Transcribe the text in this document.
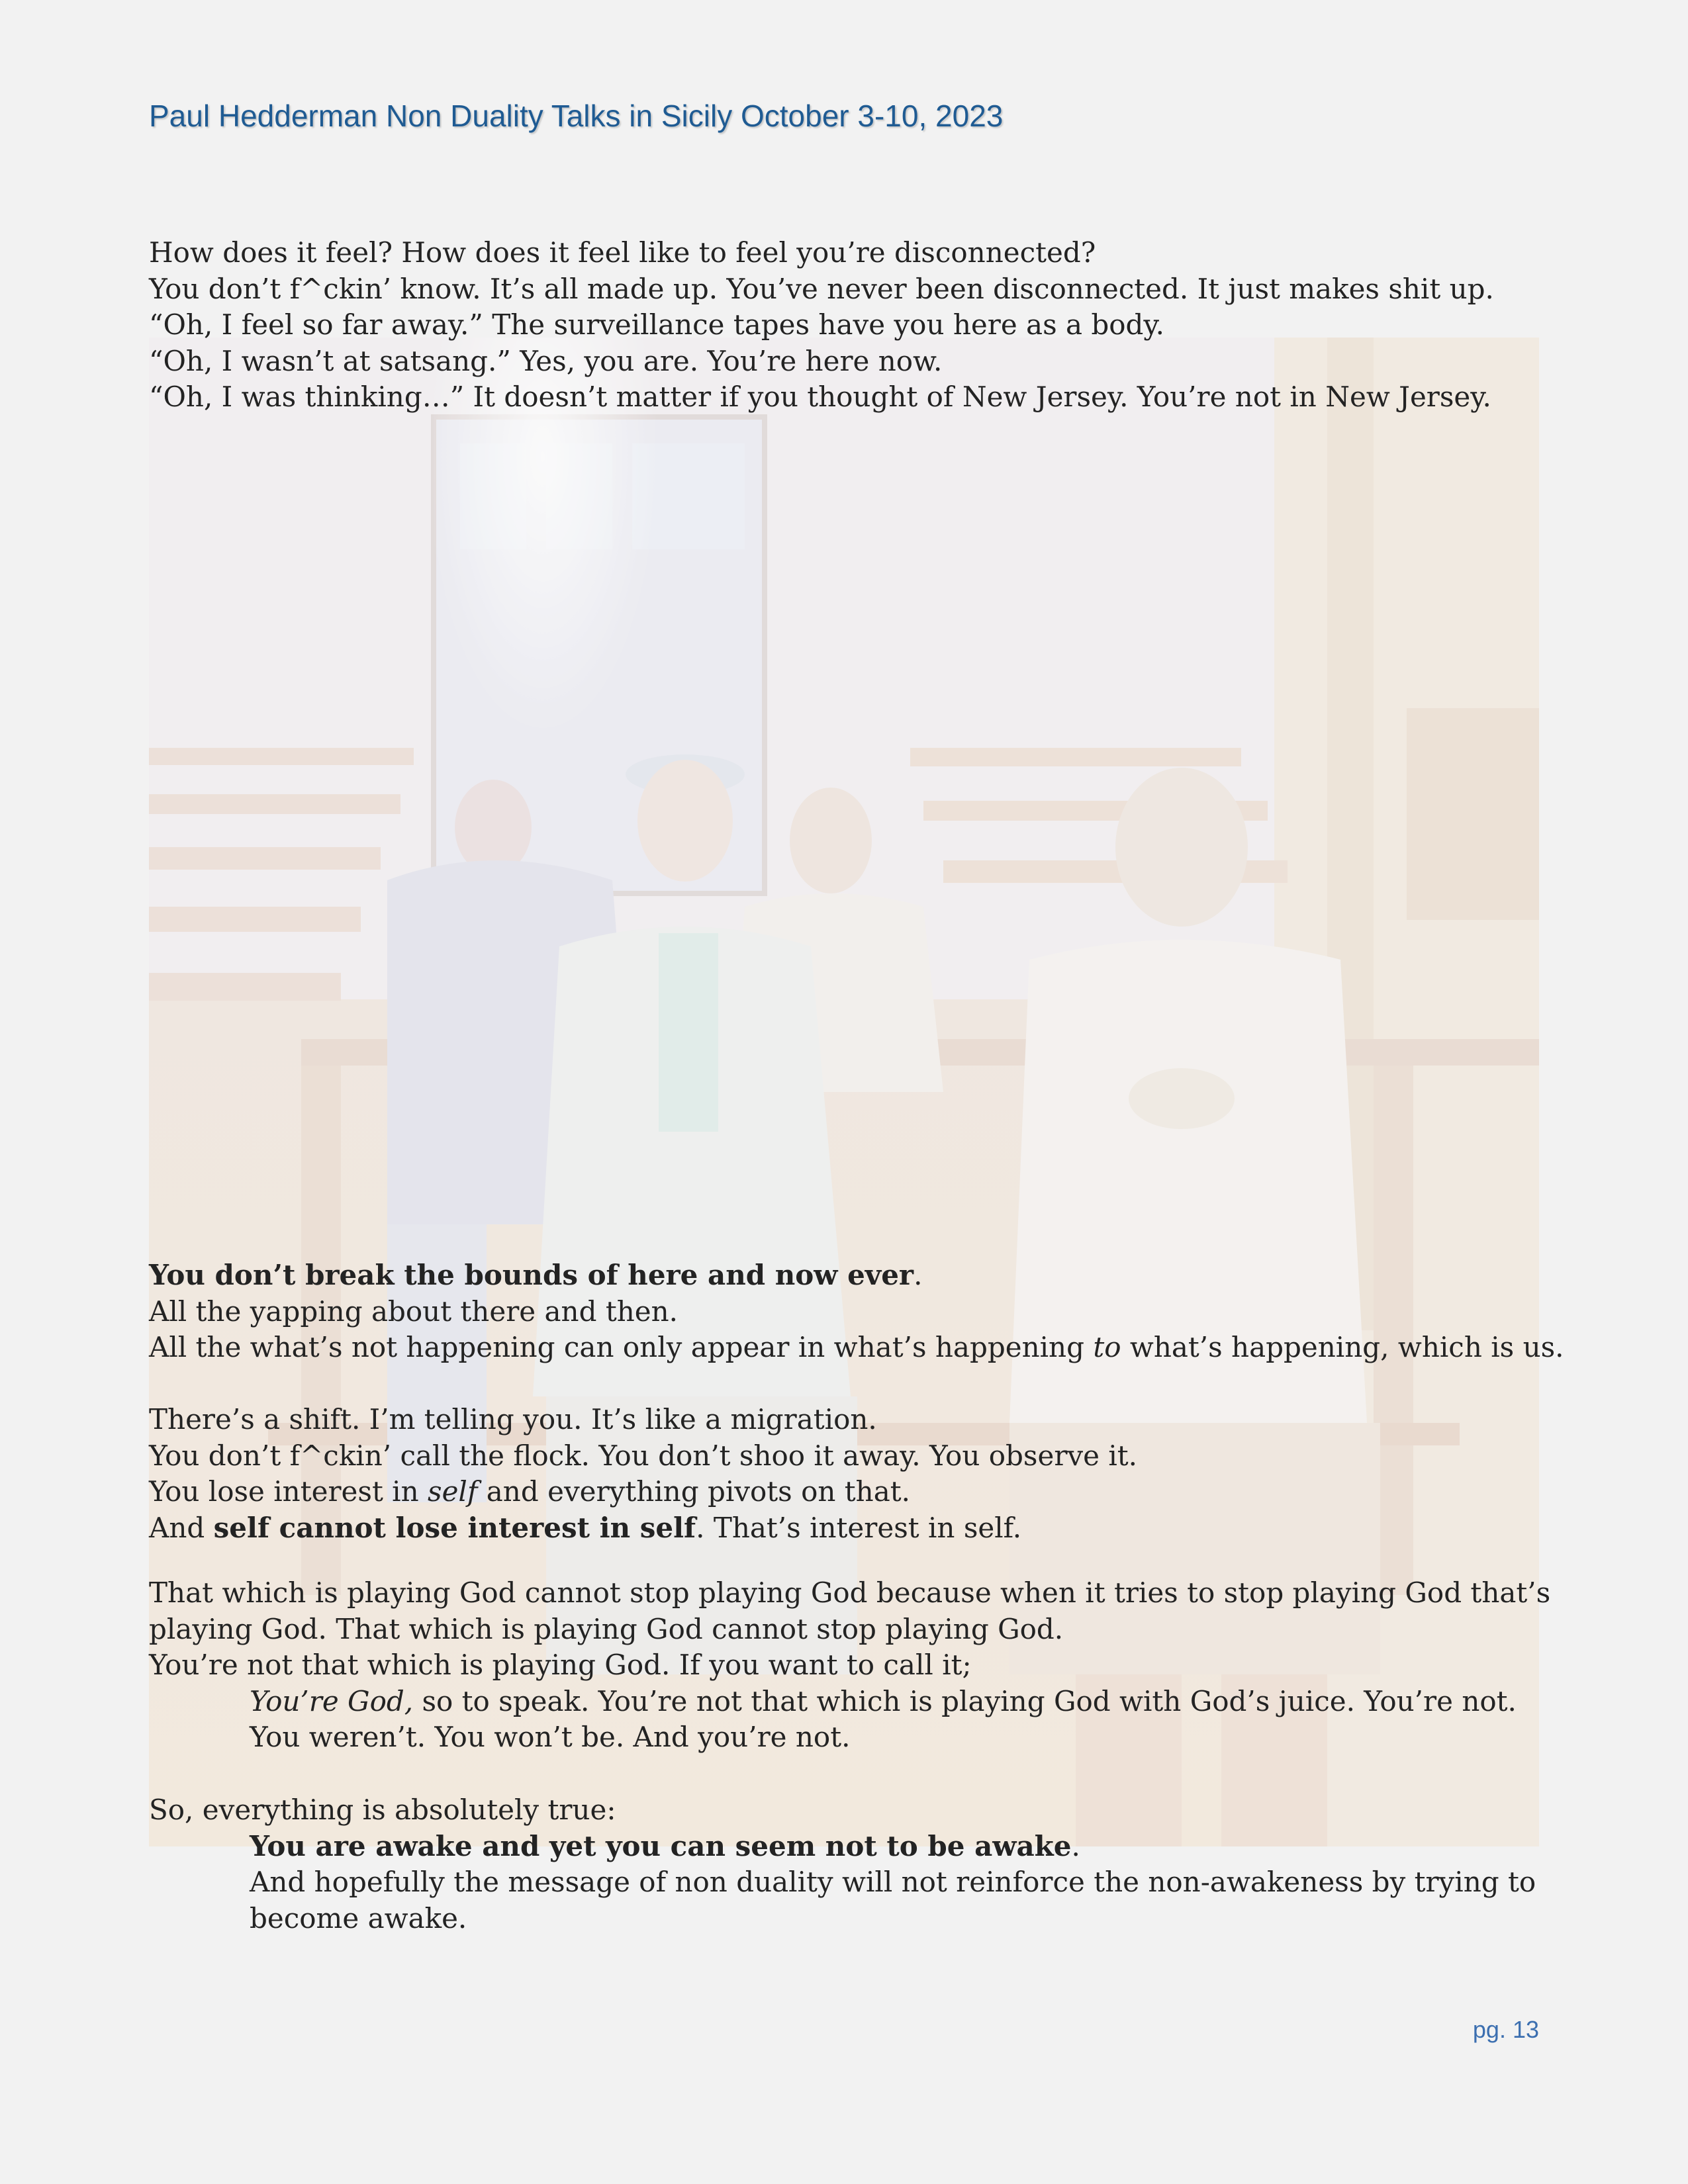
Paul Hedderman Non Duality Talks in Sicily October 3-10, 2023

How does it feel? How does it feel like to feel you’re disconnected?

You don’t f^ckin’ know. It’s all made up. You’ve never been disconnected. It just makes shit up.

“Oh, I feel so far away.” The surveillance tapes have you here as a body.

“Oh, I wasn’t at satsang.” Yes, you are. You’re here now.

“Oh, I was thinking…” It doesn’t matter if you thought of New Jersey. You’re not in New Jersey.

You don’t break the bounds of here and now ever.

All the yapping about there and then.

All the what’s not happening can only appear in what’s happening to what’s happening, which is us.

There’s a shift. I’m telling you. It’s like a migration.

You don’t f^ckin’ call the flock. You don’t shoo it away. You observe it.

You lose interest in self and everything pivots on that.

And self cannot lose interest in self. That’s interest in self.

That which is playing God cannot stop playing God because when it tries to stop playing God that’s

playing God. That which is playing God cannot stop playing God.

You’re not that which is playing God. If you want to call it;

You’re God, so to speak. You’re not that which is playing God with God’s juice. You’re not.

You weren’t. You won’t be. And you’re not.

So, everything is absolutely true:

You are awake and yet you can seem not to be awake.

And hopefully the message of non duality will not reinforce the non-awakeness by trying to

become awake.

pg. 13
